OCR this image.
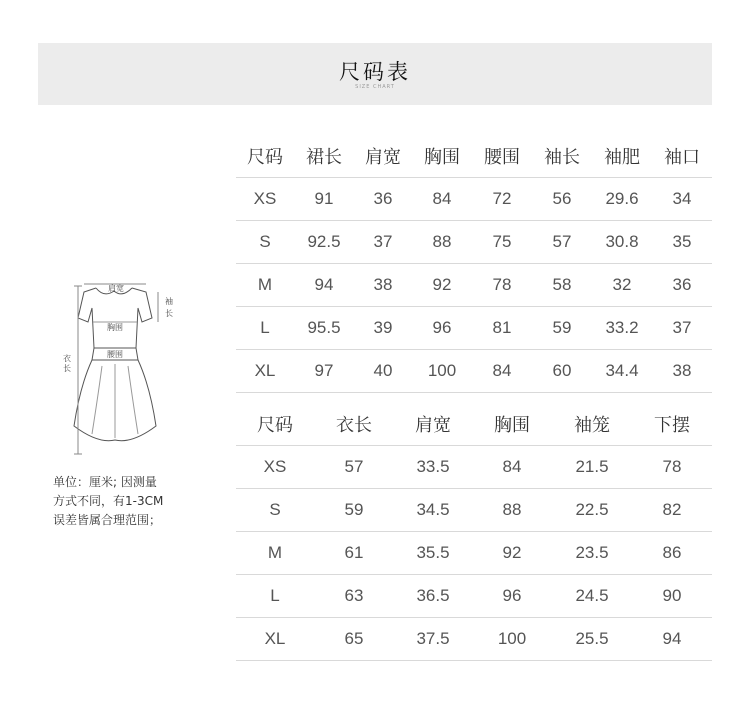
尺码表
SIZE CHART
尺码	裙长	肩宽	胸围	腰围	袖长	袖肥	袖口
XS	91	36	84	72	56	29.6	34
S	92.5	37	88	75	57	30.8	35
M	94	38	92	78	58	32	36
L	95.5	39	96	81	59	33.2	37
XL	97	40	100	84	60	34.4	38
尺码	衣长	肩宽	胸围	袖笼	下摆
XS	57	33.5	84	21.5	78
S	59	34.5	88	22.5	82
M	61	35.5	92	23.5	86
L	63	36.5	96	24.5	90
XL	65	37.5	100	25.5	94
肩宽
袖
长
胸围
腰围
长
衣
单位：厘米; 因测量
方式不同，有1-3CM
误差皆属合理范围；
